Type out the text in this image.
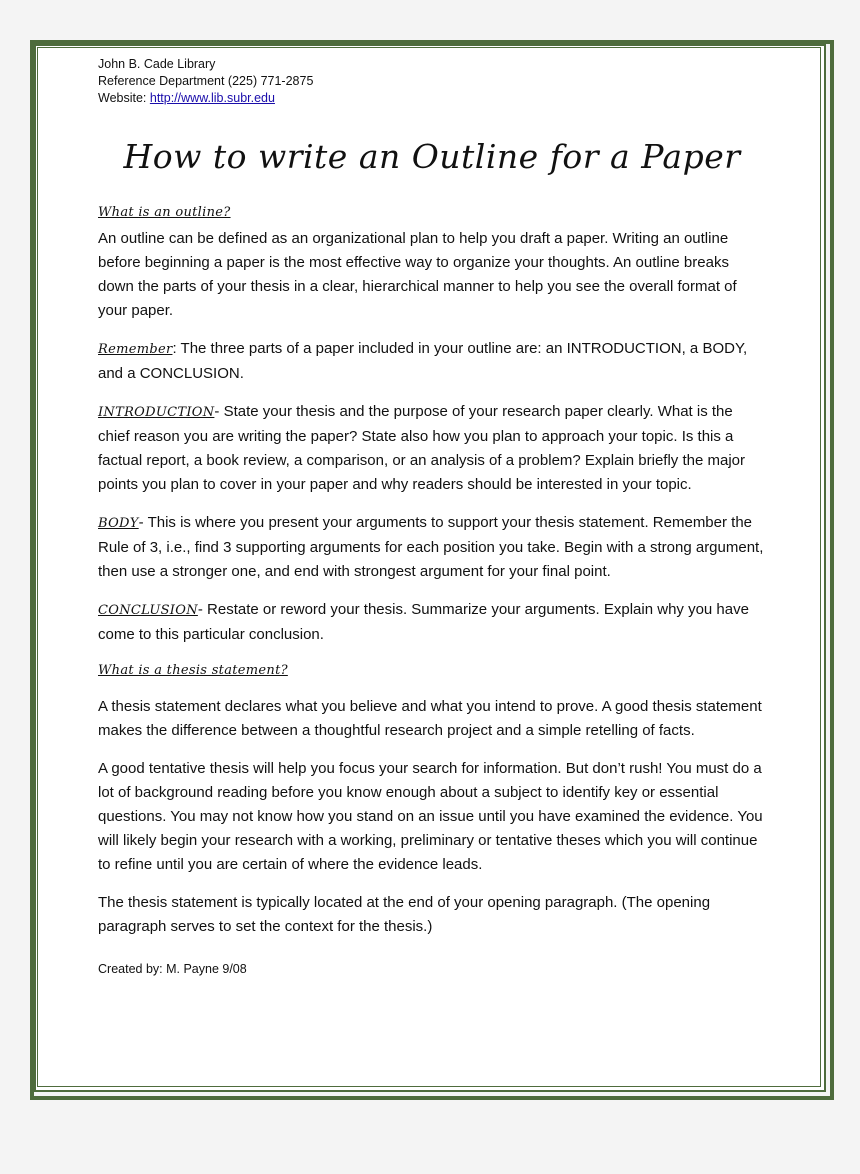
John B. Cade Library

Reference Department (225) 771-2875

Website: http://www.lib.subr.edu

How to write an Outline for a Paper
What is an outline?

An outline can be defined as an organizational plan to help you draft a paper. Writing an outline before beginning a paper is the most effective way to organize your thoughts. An outline breaks down the parts of your thesis in a clear, hierarchical manner to help you see the overall format of your paper.

Remember: The three parts of a paper included in your outline are: an INTRODUCTION, a BODY, and a CONCLUSION.

INTRODUCTION- State your thesis and the purpose of your research paper clearly. What is the chief reason you are writing the paper? State also how you plan to approach your topic. Is this a factual report, a book review, a comparison, or an analysis of a problem? Explain briefly the major points you plan to cover in your paper and why readers should be interested in your topic.

BODY- This is where you present your arguments to support your thesis statement. Remember the Rule of 3, i.e., find 3 supporting arguments for each position you take. Begin with a strong argument, then use a stronger one, and end with strongest argument for your final point.

CONCLUSION- Restate or reword your thesis. Summarize your arguments. Explain why you have come to this particular conclusion.

What is a thesis statement?

A thesis statement declares what you believe and what you intend to prove. A good thesis statement makes the difference between a thoughtful research project and a simple retelling of facts.

A good tentative thesis will help you focus your search for information. But don’t rush! You must do a lot of background reading before you know enough about a subject to identify key or essential questions. You may not know how you stand on an issue until you have examined the evidence. You will likely begin your research with a working, preliminary or tentative theses which you will continue to refine until you are certain of where the evidence leads.

The thesis statement is typically located at the end of your opening paragraph. (The opening paragraph serves to set the context for the thesis.)

Created by: M. Payne 9/08
